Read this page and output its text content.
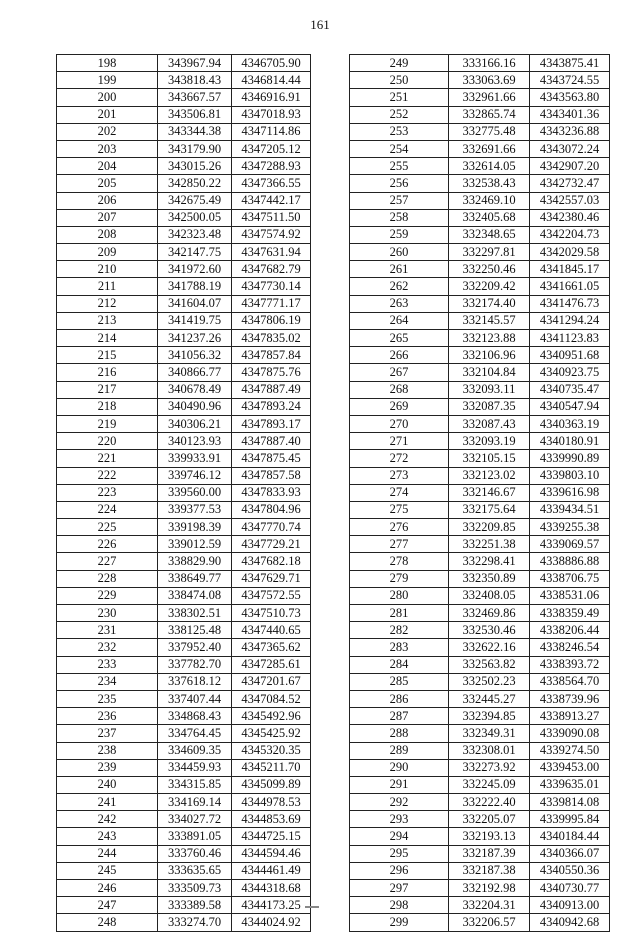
161
198	343967.94	4346705.90
199	343818.43	4346814.44
200	343667.57	4346916.91
201	343506.81	4347018.93
202	343344.38	4347114.86
203	343179.90	4347205.12
204	343015.26	4347288.93
205	342850.22	4347366.55
206	342675.49	4347442.17
207	342500.05	4347511.50
208	342323.48	4347574.92
209	342147.75	4347631.94
210	341972.60	4347682.79
211	341788.19	4347730.14
212	341604.07	4347771.17
213	341419.75	4347806.19
214	341237.26	4347835.02
215	341056.32	4347857.84
216	340866.77	4347875.76
217	340678.49	4347887.49
218	340490.96	4347893.24
219	340306.21	4347893.17
220	340123.93	4347887.40
221	339933.91	4347875.45
222	339746.12	4347857.58
223	339560.00	4347833.93
224	339377.53	4347804.96
225	339198.39	4347770.74
226	339012.59	4347729.21
227	338829.90	4347682.18
228	338649.77	4347629.71
229	338474.08	4347572.55
230	338302.51	4347510.73
231	338125.48	4347440.65
232	337952.40	4347365.62
233	337782.70	4347285.61
234	337618.12	4347201.67
235	337407.44	4347084.52
236	334868.43	4345492.96
237	334764.45	4345425.92
238	334609.35	4345320.35
239	334459.93	4345211.70
240	334315.85	4345099.89
241	334169.14	4344978.53
242	334027.72	4344853.69
243	333891.05	4344725.15
244	333760.46	4344594.46
245	333635.65	4344461.49
246	333509.73	4344318.68
247	333389.58	4344173.25
248	333274.70	4344024.92
249	333166.16	4343875.41
250	333063.69	4343724.55
251	332961.66	4343563.80
252	332865.74	4343401.36
253	332775.48	4343236.88
254	332691.66	4343072.24
255	332614.05	4342907.20
256	332538.43	4342732.47
257	332469.10	4342557.03
258	332405.68	4342380.46
259	332348.65	4342204.73
260	332297.81	4342029.58
261	332250.46	4341845.17
262	332209.42	4341661.05
263	332174.40	4341476.73
264	332145.57	4341294.24
265	332123.88	4341123.83
266	332106.96	4340951.68
267	332104.84	4340923.75
268	332093.11	4340735.47
269	332087.35	4340547.94
270	332087.43	4340363.19
271	332093.19	4340180.91
272	332105.15	4339990.89
273	332123.02	4339803.10
274	332146.67	4339616.98
275	332175.64	4339434.51
276	332209.85	4339255.38
277	332251.38	4339069.57
278	332298.41	4338886.88
279	332350.89	4338706.75
280	332408.05	4338531.06
281	332469.86	4338359.49
282	332530.46	4338206.44
283	332622.16	4338246.54
284	332563.82	4338393.72
285	332502.23	4338564.70
286	332445.27	4338739.96
287	332394.85	4338913.27
288	332349.31	4339090.08
289	332308.01	4339274.50
290	332273.92	4339453.00
291	332245.09	4339635.01
292	332222.40	4339814.08
293	332205.07	4339995.84
294	332193.13	4340184.44
295	332187.39	4340366.07
296	332187.38	4340550.36
297	332192.98	4340730.77
298	332204.31	4340913.00
299	332206.57	4340942.68
